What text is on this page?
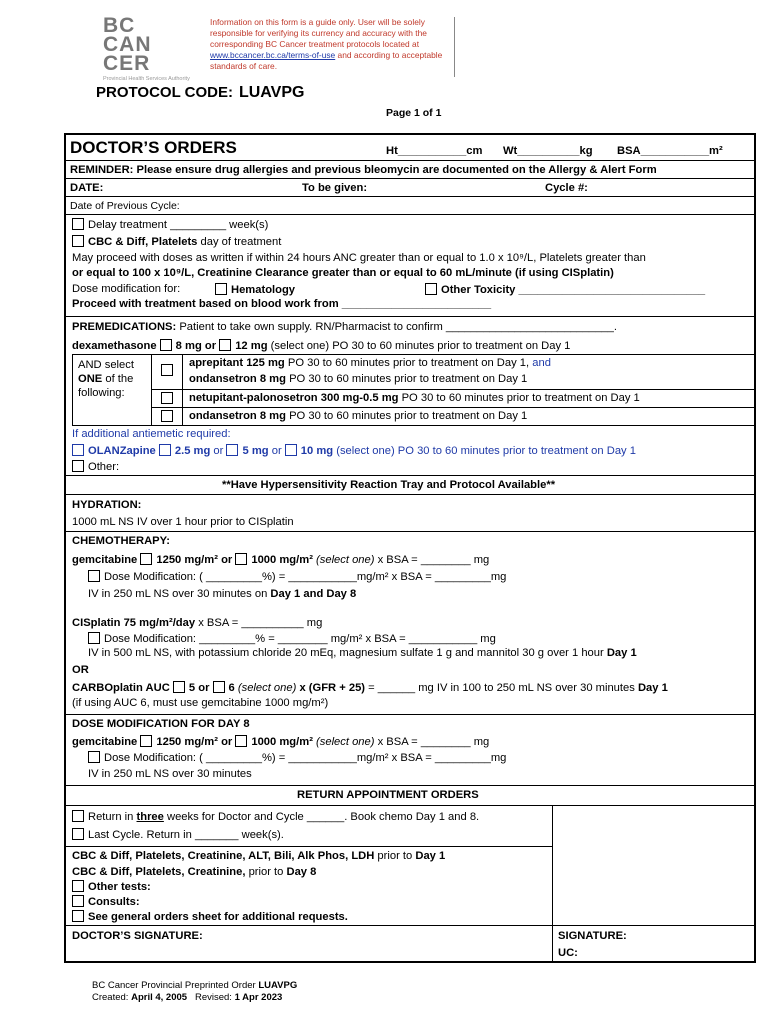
BC
CAN
CER
Provincial Health Services Authority
Information on this form is a guide only. User will be solely responsible for verifying its currency and accuracy with the corresponding BC Cancer treatment protocols located at www.bccancer.bc.ca/terms-of-use and according to acceptable standards of care.
PROTOCOL CODE: LUAVPG
Page 1 of 1
DOCTOR’S ORDERS	Ht___________cm Wt__________kg BSA___________m²
REMINDER: Please ensure drug allergies and previous bleomycin are documented on the Allergy & Alert Form
DATE:	To be given:	Cycle #:
Date of Previous Cycle:
Delay treatment _________ week(s)
CBC & Diff, Platelets day of treatment
May proceed with doses as written if within 24 hours ANC greater than or equal to 1.0 x 10⁹/L, Platelets greater than
or equal to 100 x 10⁹/L, Creatinine Clearance greater than or equal to 60 mL/minute (if using CISplatin)
Dose modification for:	Hematology	Other Toxicity ______________________________
Proceed with treatment based on blood work from ________________________
PREMEDICATIONS: Patient to take own supply. RN/Pharmacist to confirm ___________________________.
dexamethasone 8 mg or 12 mg (select one) PO 30 to 60 minutes prior to treatment on Day 1
AND select
ONE of the
following:
aprepitant 125 mg PO 30 to 60 minutes prior to treatment on Day 1, and
ondansetron 8 mg PO 30 to 60 minutes prior to treatment on Day 1
netupitant-palonosetron 300 mg-0.5 mg PO 30 to 60 minutes prior to treatment on Day 1
ondansetron 8 mg PO 30 to 60 minutes prior to treatment on Day 1
If additional antiemetic required:
OLANZapine 2.5 mg or 5 mg or 10 mg (select one) PO 30 to 60 minutes prior to treatment on Day 1
Other:
**Have Hypersensitivity Reaction Tray and Protocol Available**
HYDRATION:
1000 mL NS IV over 1 hour prior to CISplatin
CHEMOTHERAPY:
gemcitabine 1250 mg/m² or 1000 mg/m² (select one) x BSA = ________ mg
Dose Modification: ( _________%) = ___________mg/m² x BSA = _________mg
IV in 250 mL NS over 30 minutes on Day 1 and Day 8
CISplatin 75 mg/m²/day x BSA = __________ mg
Dose Modification: _________% = ________ mg/m² x BSA = ___________ mg
IV in 500 mL NS, with potassium chloride 20 mEq, magnesium sulfate 1 g and mannitol 30 g over 1 hour Day 1
OR
CARBOplatin AUC 5 or 6 (select one) x (GFR + 25) = ______ mg IV in 100 to 250 mL NS over 30 minutes Day 1
(if using AUC 6, must use gemcitabine 1000 mg/m²)
DOSE MODIFICATION FOR DAY 8
gemcitabine 1250 mg/m² or 1000 mg/m² (select one) x BSA = ________ mg
Dose Modification: ( _________%) = ___________mg/m² x BSA = _________mg
IV in 250 mL NS over 30 minutes
RETURN APPOINTMENT ORDERS
Return in three weeks for Doctor and Cycle ______. Book chemo Day 1 and 8.
Last Cycle. Return in _______ week(s).
CBC & Diff, Platelets, Creatinine, ALT, Bili, Alk Phos, LDH prior to Day 1
CBC & Diff, Platelets, Creatinine, prior to Day 8
Other tests:
Consults:
See general orders sheet for additional requests.
DOCTOR’S SIGNATURE:	SIGNATURE:
UC:
BC Cancer Provincial Preprinted Order LUAVPG
Created: April 4, 2005 Revised: 1 Apr 2023
